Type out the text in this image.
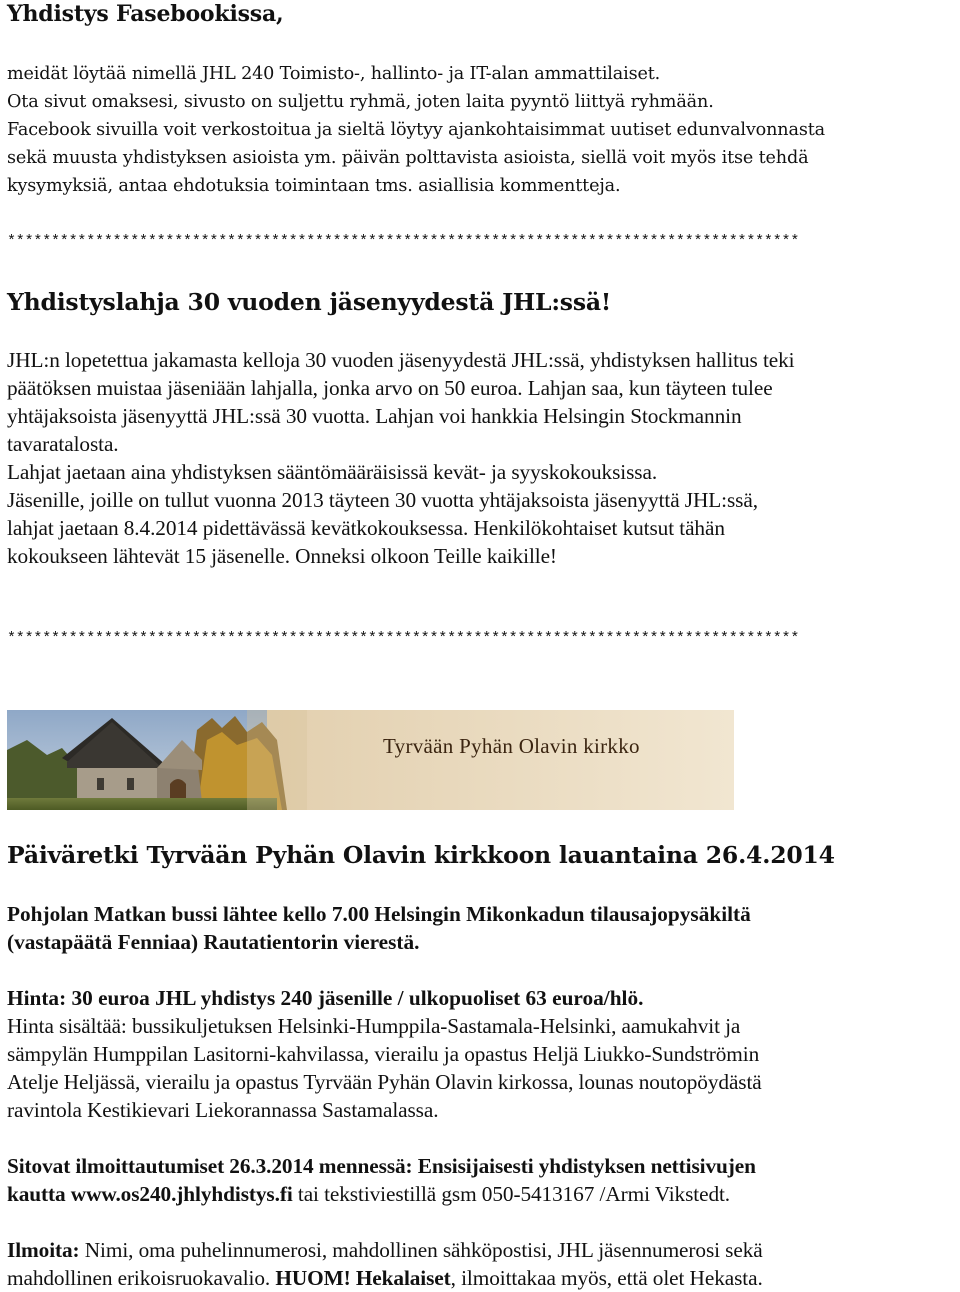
Yhdistys Fasebookissa,
meidät löytää nimellä JHL 240 Toimisto-, hallinto- ja IT-alan ammattilaiset.
Ota sivut omaksesi, sivusto on suljettu ryhmä, joten laita pyyntö liittyä ryhmään.
Facebook sivuilla voit verkostoitua ja sieltä löytyy ajankohtaisimmat uutiset edunvalvonnasta
sekä muusta yhdistyksen asioista ym. päivän polttavista asioista, siellä voit myös itse tehdä
kysymyksiä, antaa ehdotuksia toimintaan tms. asiallisia kommentteja.
******************************************************************************************
Yhdistyslahja 30 vuoden jäsenyydestä JHL:ssä!
JHL:n lopetettua jakamasta kelloja 30 vuoden jäsenyydestä JHL:ssä, yhdistyksen hallitus teki
päätöksen muistaa jäseniään lahjalla, jonka arvo on 50 euroa. Lahjan saa, kun täyteen tulee
yhtäjaksoista jäsenyyttä JHL:ssä 30 vuotta. Lahjan voi hankkia Helsingin Stockmannin
tavaratalosta.
Lahjat jaetaan aina yhdistyksen sääntömääräisissä kevät- ja syyskokouksissa.
Jäsenille, joille on tullut vuonna 2013 täyteen 30 vuotta yhtäjaksoista jäsenyyttä JHL:ssä,
lahjat jaetaan 8.4.2014 pidettävässä kevätkokouksessa. Henkilökohtaiset kutsut tähän
kokoukseen lähtevät 15 jäsenelle. Onneksi olkoon Teille kaikille!
******************************************************************************************
Tyrvään Pyhän Olavin kirkko
Päiväretki Tyrvään Pyhän Olavin kirkkoon lauantaina 26.4.2014
Pohjolan Matkan bussi lähtee kello 7.00 Helsingin Mikonkadun tilausajopysäkiltä
(vastapäätä Fenniaa) Rautatientorin vierestä.
Hinta: 30 euroa JHL yhdistys 240 jäsenille / ulkopuoliset 63 euroa/hlö.
Hinta sisältää: bussikuljetuksen Helsinki-Humppila-Sastamala-Helsinki, aamukahvit ja
sämpylän Humppilan Lasitorni-kahvilassa, vierailu ja opastus Heljä Liukko-Sundströmin
Atelje Heljässä, vierailu ja opastus Tyrvään Pyhän Olavin kirkossa, lounas noutopöydästä
ravintola Kestikievari Liekorannassa Sastamalassa.
Sitovat ilmoittautumiset 26.3.2014 mennessä: Ensisijaisesti yhdistyksen nettisivujen
kautta www.os240.jhlyhdistys.fi tai tekstiviestillä gsm 050-5413167 /Armi Vikstedt.
Ilmoita: Nimi, oma puhelinnumerosi, mahdollinen sähköpostisi, JHL jäsennumerosi sekä
mahdollinen erikoisruokavalio. HUOM! Hekalaiset, ilmoittakaa myös, että olet Hekasta.
